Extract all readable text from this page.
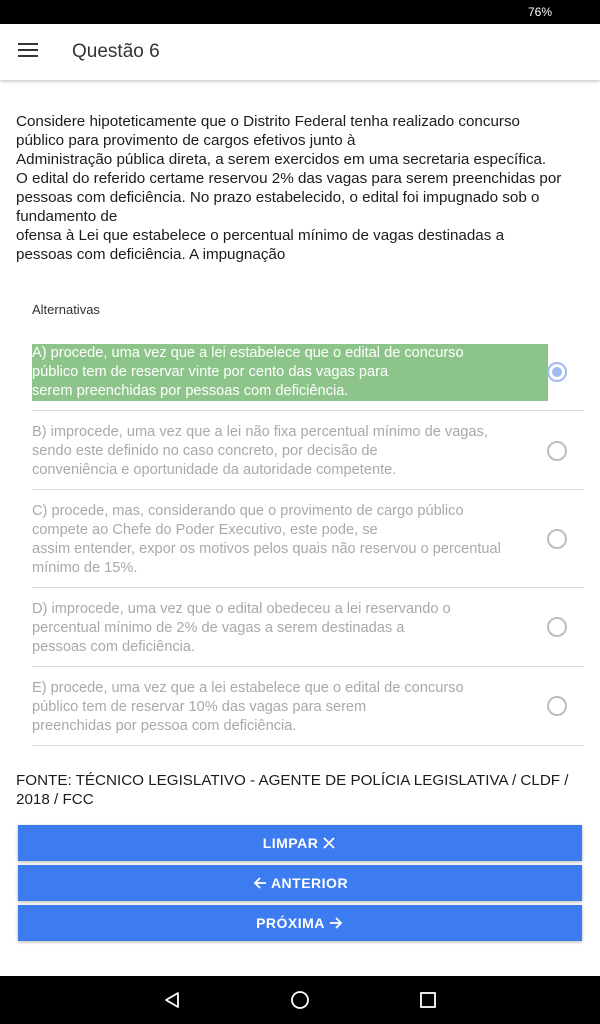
76%
Questão 6
Considere hipoteticamente que o Distrito Federal tenha realizado concurso
público para provimento de cargos efetivos junto à
Administração pública direta, a serem exercidos em uma secretaria específica.
O edital do referido certame reservou 2% das vagas para serem preenchidas por
pessoas com deficiência. No prazo estabelecido, o edital foi impugnado sob o
fundamento de
ofensa à Lei que estabelece o percentual mínimo de vagas destinadas a
pessoas com deficiência. A impugnação
Alternativas
A) procede, uma vez que a lei estabelece que o edital de concurso
público tem de reservar vinte por cento das vagas para
serem preenchidas por pessoas com deficiência.
B) improcede, uma vez que a lei não fixa percentual mínimo de vagas,
sendo este definido no caso concreto, por decisão de
conveniência e oportunidade da autoridade competente.
C) procede, mas, considerando que o provimento de cargo público
compete ao Chefe do Poder Executivo, este pode, se
assim entender, expor os motivos pelos quais não reservou o percentual
mínimo de 15%.
D) improcede, uma vez que o edital obedeceu a lei reservando o
percentual mínimo de 2% de vagas a serem destinadas a
pessoas com deficiência.
E) procede, uma vez que a lei estabelece que o edital de concurso
público tem de reservar 10% das vagas para serem
preenchidas por pessoa com deficiência.
FONTE: TÉCNICO LEGISLATIVO - AGENTE DE POLÍCIA LEGISLATIVA / CLDF / 2018 / FCC
LIMPAR
ANTERIOR
PRÓXIMA
